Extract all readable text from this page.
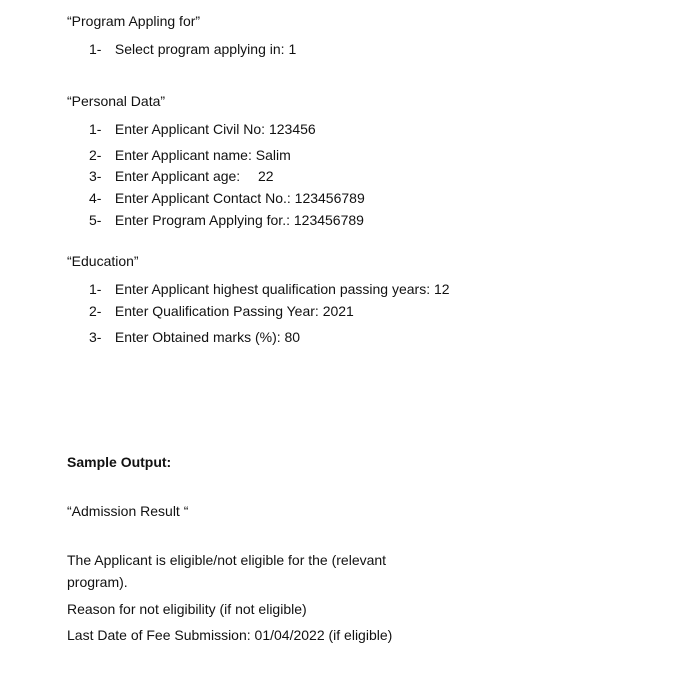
“Program Appling for”
1- Select program applying in: 1
“Personal Data”
1- Enter Applicant Civil No: 123456
2- Enter Applicant name: Salim
3- Enter Applicant age: 22
4- Enter Applicant Contact No.: 123456789
5- Enter Program Applying for.: 123456789
“Education”
1- Enter Applicant highest qualification passing years: 12
2- Enter Qualification Passing Year: 2021
3- Enter Obtained marks (%): 80
Sample Output:
“Admission Result “
The Applicant is eligible/not eligible for the (relevant
program).
Reason for not eligibility (if not eligible)
Last Date of Fee Submission: 01/04/2022 (if eligible)
